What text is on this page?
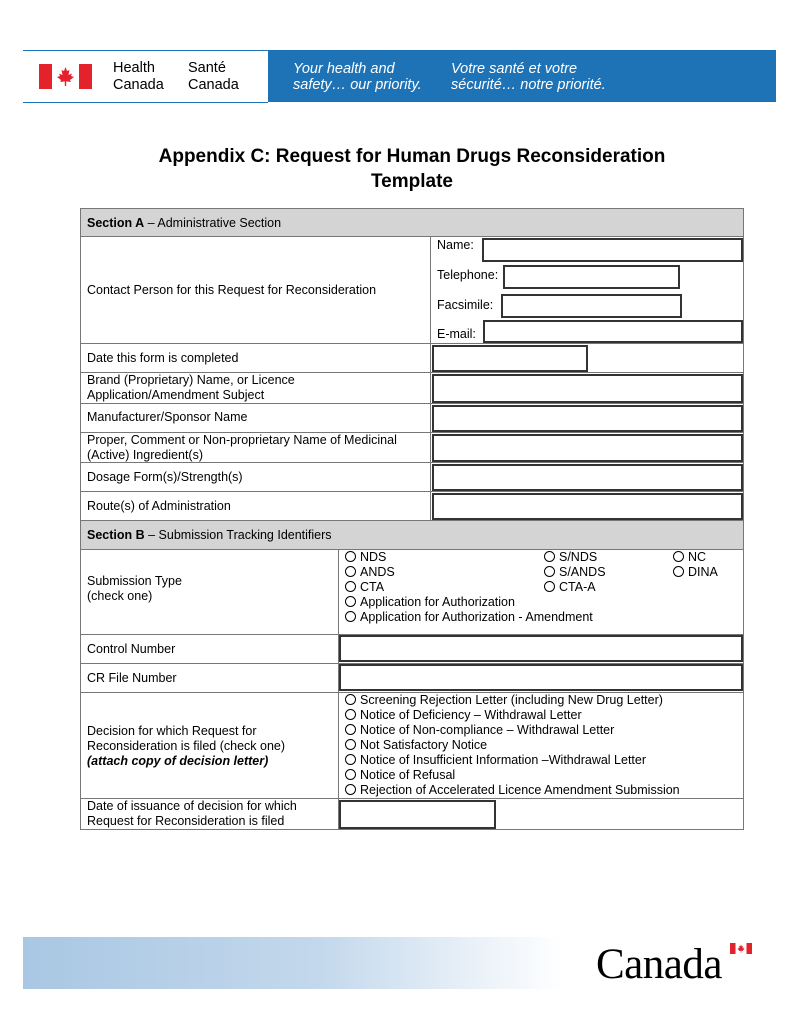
Health
Canada
Santé
Canada
Your health and
safety… our priority.
Votre santé et votre
sécurité… notre priorité.
Appendix C: Request for Human Drugs Reconsideration
Template
Section A – Administrative Section
Contact Person for this Request for Reconsideration
Name:
Telephone:
Facsimile:
E-mail:
Date this form is completed
Brand (Proprietary) Name, or Licence
Application/Amendment Subject
Manufacturer/Sponsor Name
Proper, Comment or Non-proprietary Name of Medicinal
(Active) Ingredient(s)
Dosage Form(s)/Strength(s)
Route(s) of Administration
Section B – Submission Tracking Identifiers
Submission Type
(check one)
NDS
ANDS
CTA
S/NDS
S/ANDS
CTA-A
NC
DINA
Application for Authorization
Application for Authorization - Amendment
Control Number
CR File Number
Decision for which Request for
Reconsideration is filed (check one)
(attach copy of decision letter)
Screening Rejection Letter (including New Drug Letter)
Notice of Deficiency – Withdrawal Letter
Notice of Non-compliance – Withdrawal Letter
Not Satisfactory Notice
Notice of Insufficient Information –Withdrawal Letter
Notice of Refusal
Rejection of Accelerated Licence Amendment Submission
Date of issuance of decision for which
Request for Reconsideration is filed
Canada
